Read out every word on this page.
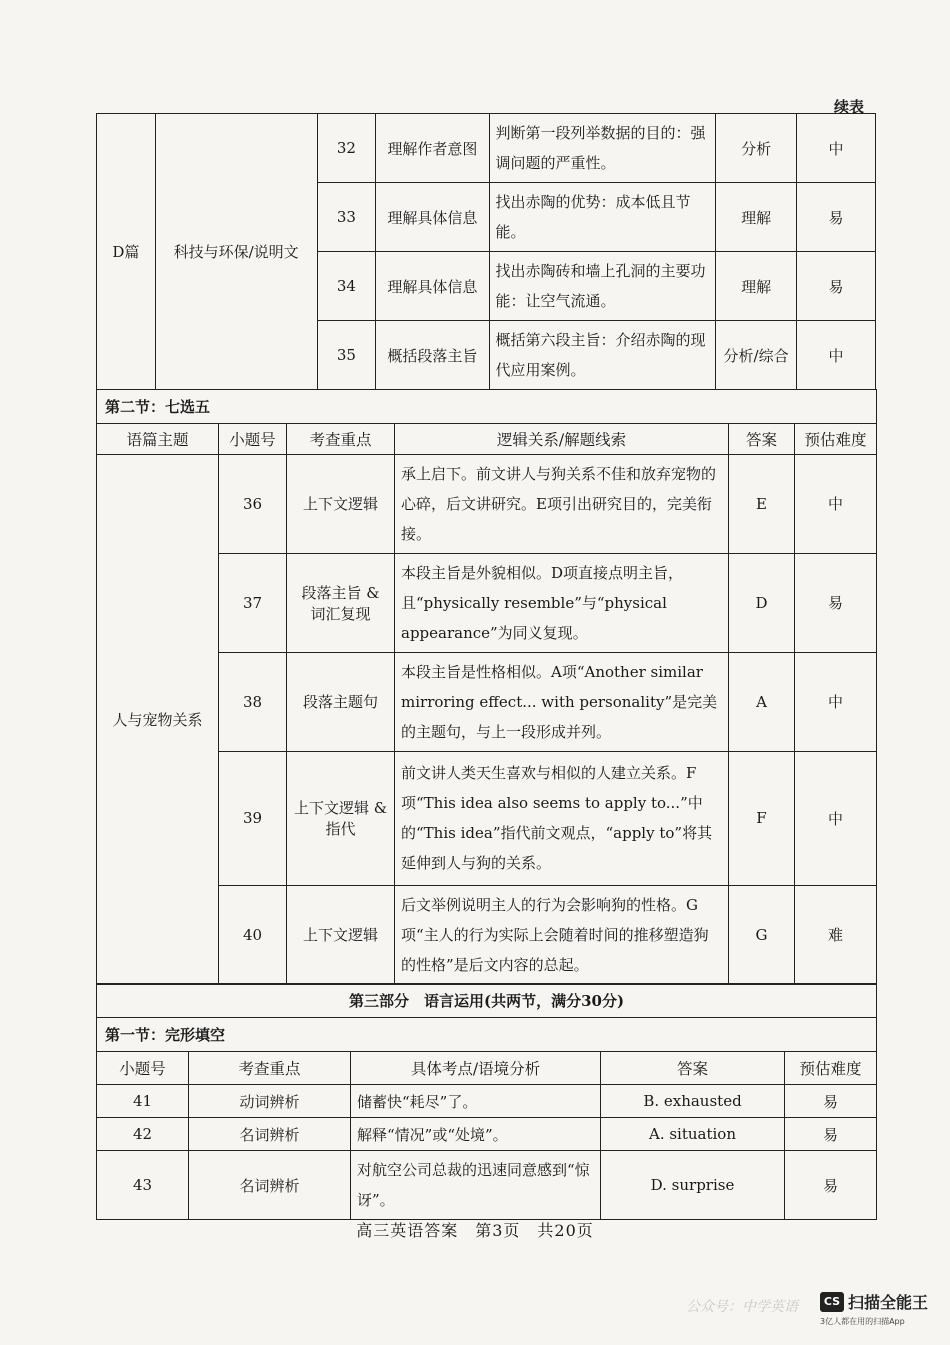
续表
D篇	科技与环保/说明文	32	理解作者意图	判断第一段列举数据的目的：强调问题的严重性。	分析	中
		33	理解具体信息	找出赤陶的优势：成本低且节能。	理解	易
		34	理解具体信息	找出赤陶砖和墙上孔洞的主要功能：让空气流通。	理解	易
		35	概括段落主旨	概括第六段主旨：介绍赤陶的现代应用案例。	分析/综合	中
第二节：七选五					
语篇主题	小题号	考查重点	逻辑关系/解题线索	答案	预估难度
人与宠物关系	36	上下文逻辑	承上启下。前文讲人与狗关系不佳和放弃宠物的心碎，后文讲研究。E项引出研究目的，完美衔接。	E	中
	37	段落主旨 & 词汇复现	本段主旨是外貌相似。D项直接点明主旨，且“physically resemble”与“physical appearance”为同义复现。	D	易
	38	段落主题句	本段主旨是性格相似。A项“Another similar mirroring effect... with personality”是完美的主题句，与上一段形成并列。	A	中
	39	上下文逻辑 & 指代	前文讲人类天生喜欢与相似的人建立关系。F项“This idea also seems to apply to...”中的“This idea”指代前文观点，“apply to”将其延伸到人与狗的关系。	F	中
	40	上下文逻辑	后文举例说明主人的行为会影响狗的性格。G项“主人的行为实际上会随着时间的推移塑造狗的性格”是后文内容的总起。	G	难
第三部分　语言运用(共两节，满分30分)				
第一节：完形填空				
小题号	考查重点	具体考点/语境分析	答案	预估难度
41	动词辨析	储蓄快“耗尽”了。	B. exhausted	易
42	名词辨析	解释“情况”或“处境”。	A. situation	易
43	名词辨析	对航空公司总裁的迅速同意感到“惊讶”。	D. surprise	易
高三英语答案　第3页　共20页
公众号：中学英语	CS 扫描全能王
3亿人都在用的扫描App
